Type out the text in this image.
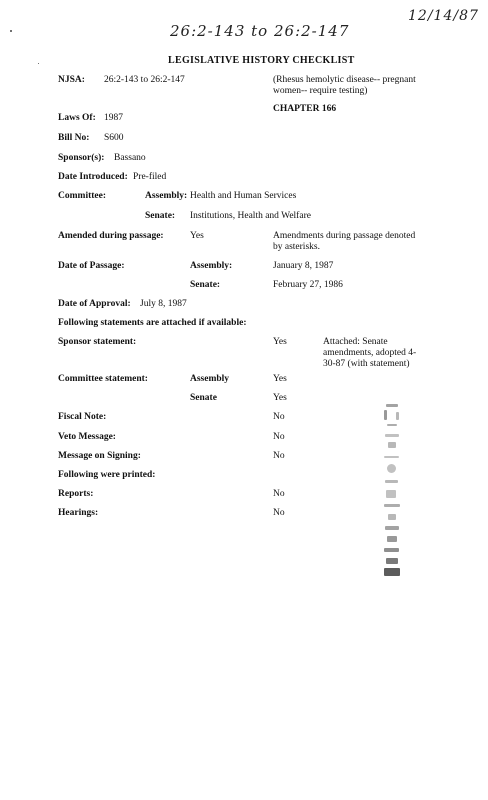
26:2-143 to 26:2-147
12/14/87
LEGISLATIVE HISTORY CHECKLIST
NJSA: 26:2-143 to 26:2-147	(Rhesus hemolytic disease-- pregnant
women-- require testing)
CHAPTER 166
Laws Of: 1987
Bill No: S600
Sponsor(s): Bassano
Date Introduced: Pre-filed
Committee:	Assembly: Health and Human Services
Senate: Institutions, Health and Welfare
Amended during passage:	Yes	Amendments during passage denoted
by asterisks.
Date of Passage:	Assembly:	January 8, 1987
Senate:	February 27, 1986
Date of Approval: July 8, 1987
Following statements are attached if available:
Sponsor statement:	Yes	Attached: Senate
amendments, adopted 4-
30-87 (with statement)
Committee statement:	Assembly	Yes
Senate	Yes
Fiscal Note:	No
Veto Message:	No
Message on Signing:	No
Following were printed:
Reports:	No
Hearings:	No
